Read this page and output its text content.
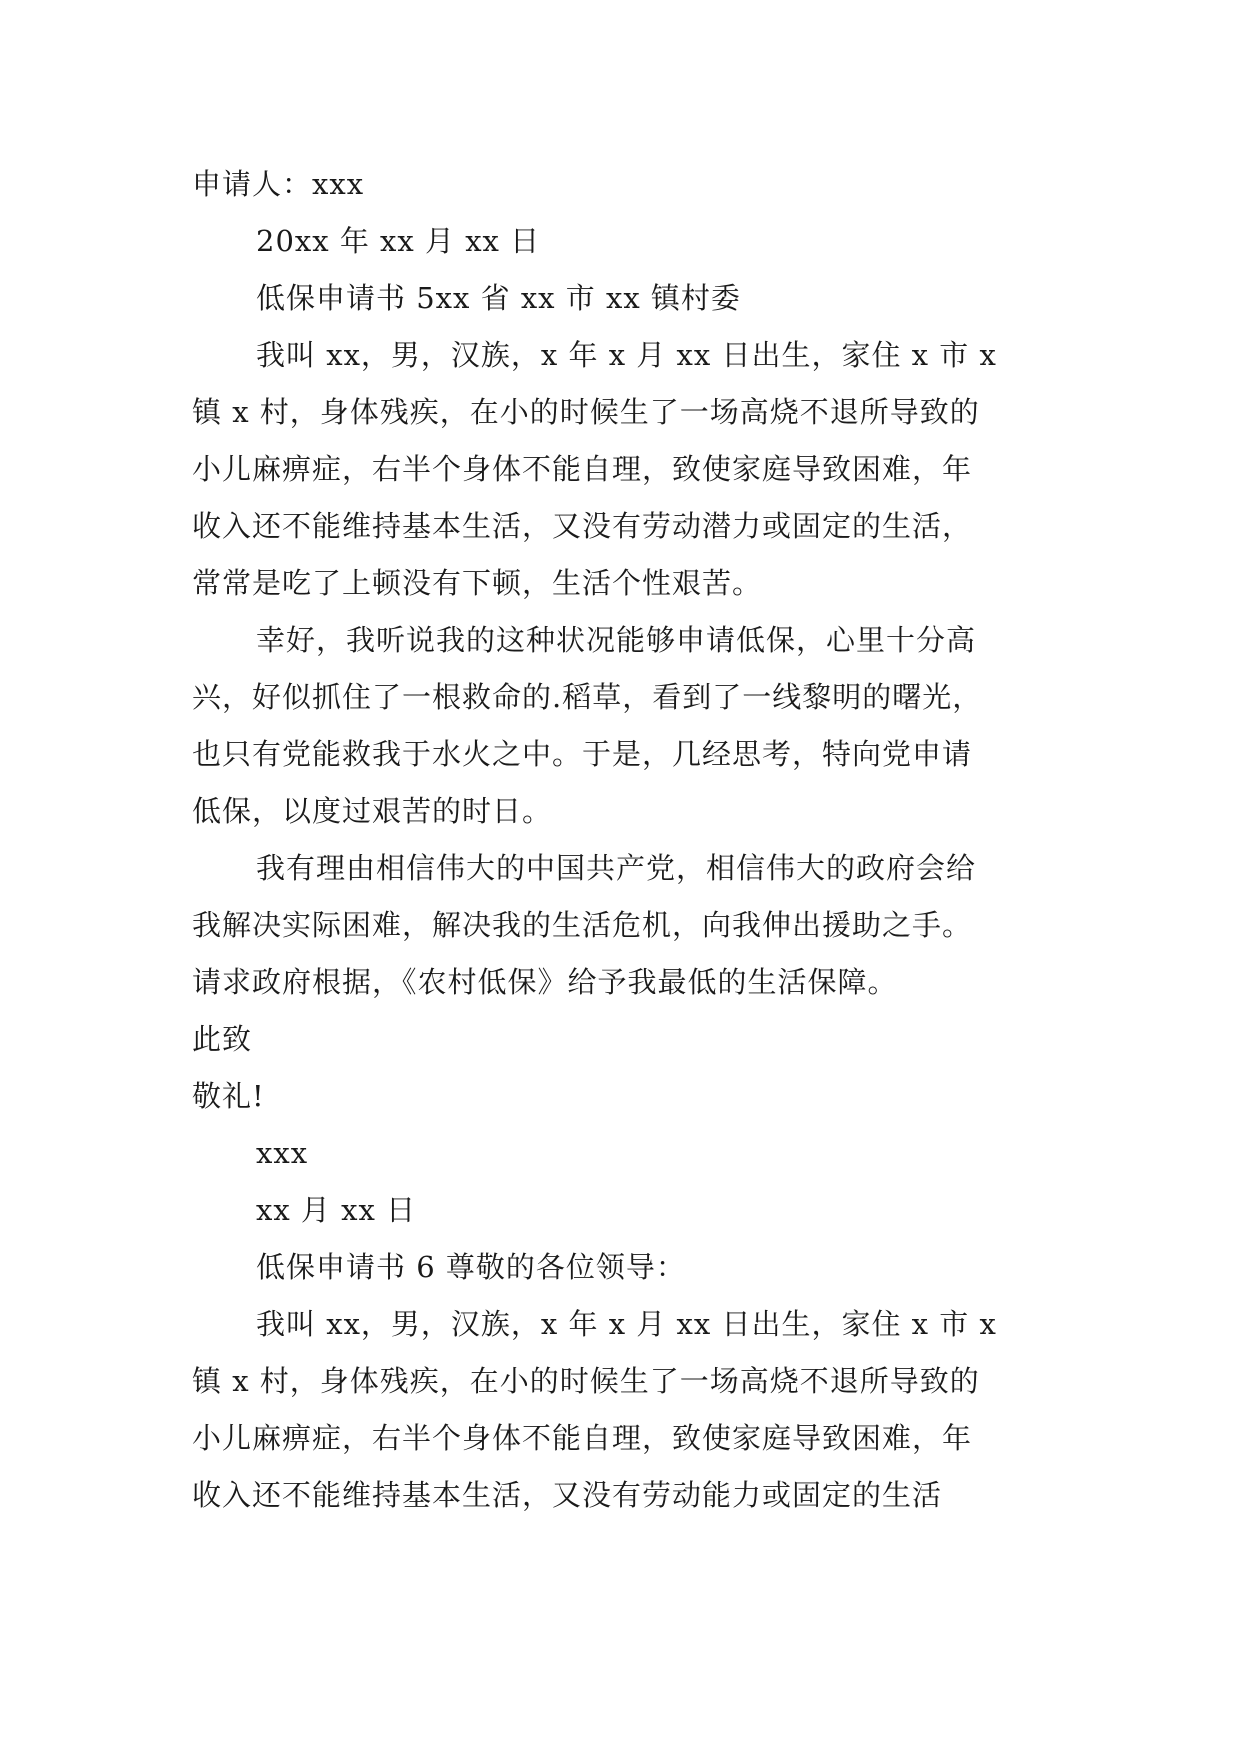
申请人：xxx
20xx 年 xx 月 xx 日
低保申请书 5xx 省 xx 市 xx 镇村委
我叫 xx，男，汉族，x 年 x 月 xx 日出生，家住 x 市 x
镇 x 村，身体残疾，在小的时候生了一场高烧不退所导致的
小儿麻痹症，右半个身体不能自理，致使家庭导致困难，年
收入还不能维持基本生活，又没有劳动潜力或固定的生活，
常常是吃了上顿没有下顿，生活个性艰苦。
幸好，我听说我的这种状况能够申请低保，心里十分高
兴，好似抓住了一根救命的.稻草，看到了一线黎明的曙光，
也只有党能救我于水火之中。于是，几经思考，特向党申请
低保，以度过艰苦的时日。
我有理由相信伟大的中国共产党，相信伟大的政府会给
我解决实际困难，解决我的生活危机，向我伸出援助之手。
请求政府根据，《农村低保》给予我最低的生活保障。
此致
敬礼!
xxx
xx 月 xx 日
低保申请书 6 尊敬的各位领导：
我叫 xx，男，汉族，x 年 x 月 xx 日出生，家住 x 市 x
镇 x 村，身体残疾，在小的时候生了一场高烧不退所导致的
小儿麻痹症，右半个身体不能自理，致使家庭导致困难，年
收入还不能维持基本生活，又没有劳动能力或固定的生活
